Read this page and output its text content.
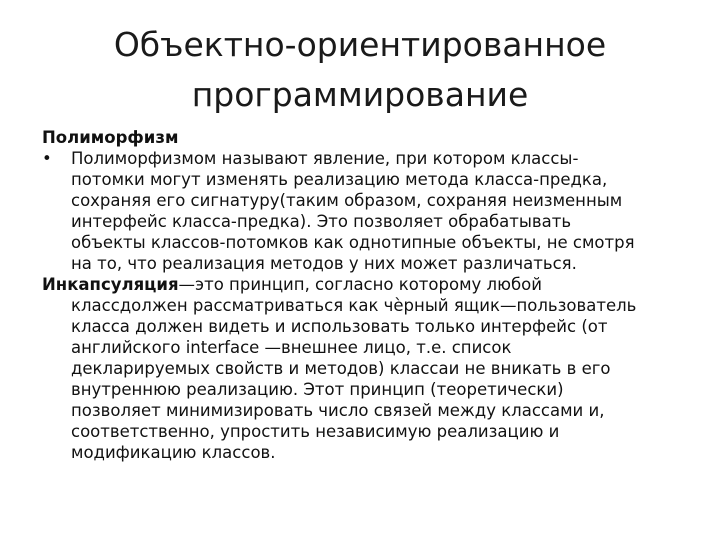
Объектно-ориентированное
программирование
Полиморфизм
• Полиморфизмом называют явление, при котором классы-
потомки могут изменять реализацию метода класса-предка,
сохраняя его сигнатуру(таким образом, сохраняя неизменным
интерфейс класса-предка). Это позволяет обрабатывать
объекты классов-потомков как однотипные объекты, не смотря
на то, что реализация методов у них может различаться.
Инкапсуляция—это принцип, согласно которому любой
классдолжен рассматриваться как чѐрный ящик—пользователь
класса должен видеть и использовать только интерфейс (от
английского interface —внешнее лицо, т.е. список
декларируемых свойств и методов) классаи не вникать в его
внутреннюю реализацию. Этот принцип (теоретически)
позволяет минимизировать число связей между классами и,
соответственно, упростить независимую реализацию и
модификацию классов.
